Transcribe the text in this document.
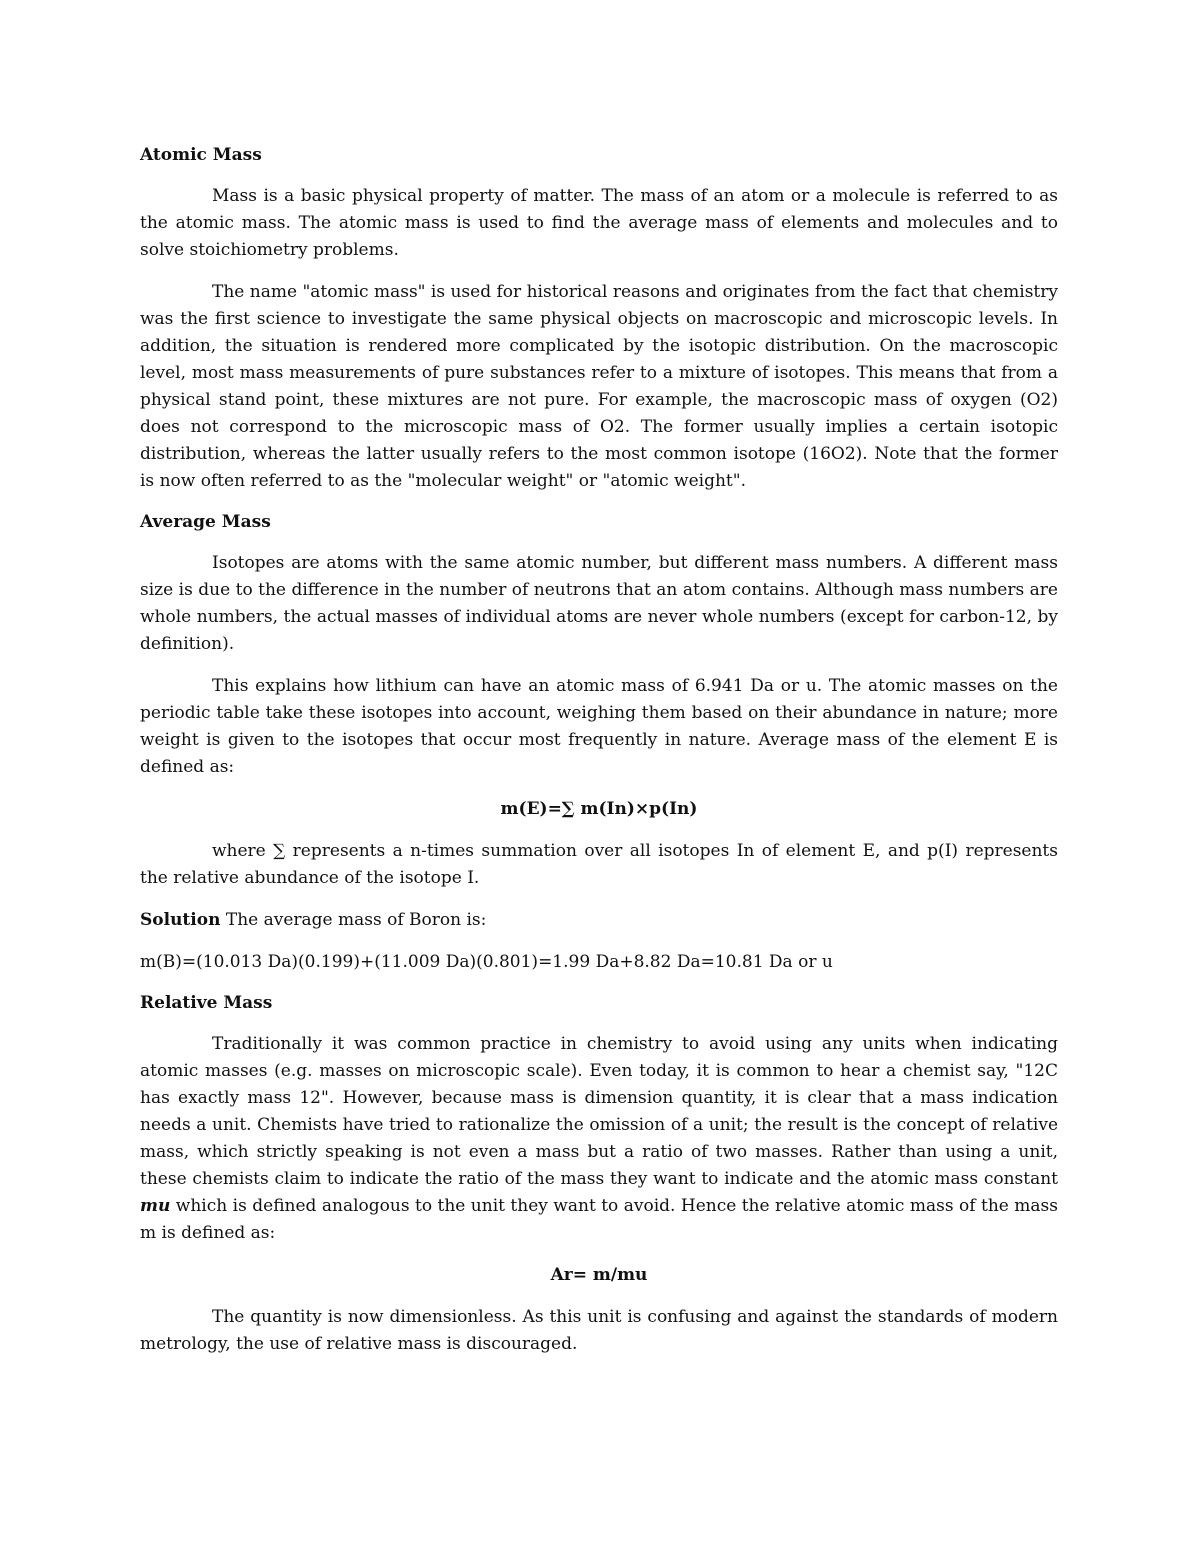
Atomic Mass

Mass is a basic physical property of matter. The mass of an atom or a molecule is referred to as the atomic mass. The atomic mass is used to find the average mass of elements and molecules and to solve stoichiometry problems.

The name "atomic mass" is used for historical reasons and originates from the fact that chemistry was the first science to investigate the same physical objects on macroscopic and microscopic levels. In addition, the situation is rendered more complicated by the isotopic distribution. On the macroscopic level, most mass measurements of pure substances refer to a mixture of isotopes. This means that from a physical stand point, these mixtures are not pure. For example, the macroscopic mass of oxygen (O2) does not correspond to the microscopic mass of O2. The former usually implies a certain isotopic distribution, whereas the latter usually refers to the most common isotope (16O2). Note that the former is now often referred to as the "molecular weight" or "atomic weight".

Average Mass

Isotopes are atoms with the same atomic number, but different mass numbers. A different mass size is due to the difference in the number of neutrons that an atom contains. Although mass numbers are whole numbers, the actual masses of individual atoms are never whole numbers (except for carbon-12, by definition).

This explains how lithium can have an atomic mass of 6.941 Da or u. The atomic masses on the periodic table take these isotopes into account, weighing them based on their abundance in nature; more weight is given to the isotopes that occur most frequently in nature. Average mass of the element E is defined as:

m(E)=∑ m(In)×p(In)

where ∑ represents a n-times summation over all isotopes In of element E, and p(I) represents the relative abundance of the isotope I.

Solution The average mass of Boron is:

m(B)=(10.013 Da)(0.199)+(11.009 Da)(0.801)=1.99 Da+8.82 Da=10.81 Da or u

Relative Mass

Traditionally it was common practice in chemistry to avoid using any units when indicating atomic masses (e.g. masses on microscopic scale). Even today, it is common to hear a chemist say, "12C has exactly mass 12". However, because mass is dimension quantity, it is clear that a mass indication needs a unit. Chemists have tried to rationalize the omission of a unit; the result is the concept of relative mass, which strictly speaking is not even a mass but a ratio of two masses. Rather than using a unit, these chemists claim to indicate the ratio of the mass they want to indicate and the atomic mass constant mu which is defined analogous to the unit they want to avoid. Hence the relative atomic mass of the mass m is defined as:

Ar= m/mu

The quantity is now dimensionless. As this unit is confusing and against the standards of modern metrology, the use of relative mass is discouraged.
